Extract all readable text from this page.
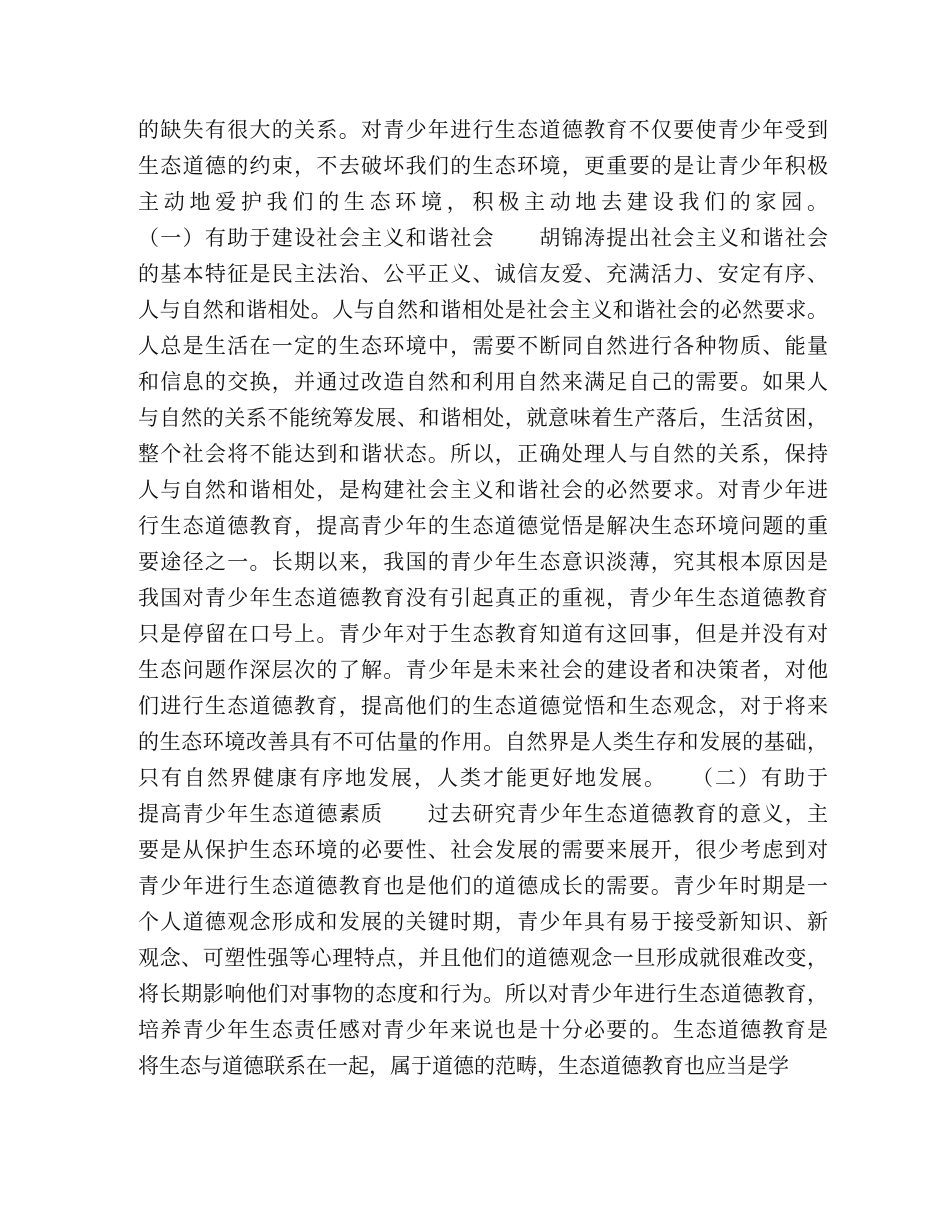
的缺失有很大的关系。对青少年进行生态道德教育不仅要使青少年受到
生态道德的约束，不去破坏我们的生态环境，更重要的是让青少年积极
主动地爱护我们的生态环境，积极主动地去建设我们的家园。
（一）有助于建设社会主义和谐社会　　胡锦涛提出社会主义和谐社会
的基本特征是民主法治、公平正义、诚信友爱、充满活力、安定有序、
人与自然和谐相处。人与自然和谐相处是社会主义和谐社会的必然要求。
人总是生活在一定的生态环境中，需要不断同自然进行各种物质、能量
和信息的交换，并通过改造自然和利用自然来满足自己的需要。如果人
与自然的关系不能统筹发展、和谐相处，就意味着生产落后，生活贫困，
整个社会将不能达到和谐状态。所以，正确处理人与自然的关系，保持
人与自然和谐相处，是构建社会主义和谐社会的必然要求。对青少年进
行生态道德教育，提高青少年的生态道德觉悟是解决生态环境问题的重
要途径之一。长期以来，我国的青少年生态意识淡薄，究其根本原因是
我国对青少年生态道德教育没有引起真正的重视，青少年生态道德教育
只是停留在口号上。青少年对于生态教育知道有这回事，但是并没有对
生态问题作深层次的了解。青少年是未来社会的建设者和决策者，对他
们进行生态道德教育，提高他们的生态道德觉悟和生态观念，对于将来
的生态环境改善具有不可估量的作用。自然界是人类生存和发展的基础，
只有自然界健康有序地发展，人类才能更好地发展。　　（二）有助于
提高青少年生态道德素质　　过去研究青少年生态道德教育的意义，主
要是从保护生态环境的必要性、社会发展的需要来展开，很少考虑到对
青少年进行生态道德教育也是他们的道德成长的需要。青少年时期是一
个人道德观念形成和发展的关键时期，青少年具有易于接受新知识、新
观念、可塑性强等心理特点，并且他们的道德观念一旦形成就很难改变，
将长期影响他们对事物的态度和行为。所以对青少年进行生态道德教育，
培养青少年生态责任感对青少年来说也是十分必要的。生态道德教育是
将生态与道德联系在一起，属于道德的范畴，生态道德教育也应当是学
